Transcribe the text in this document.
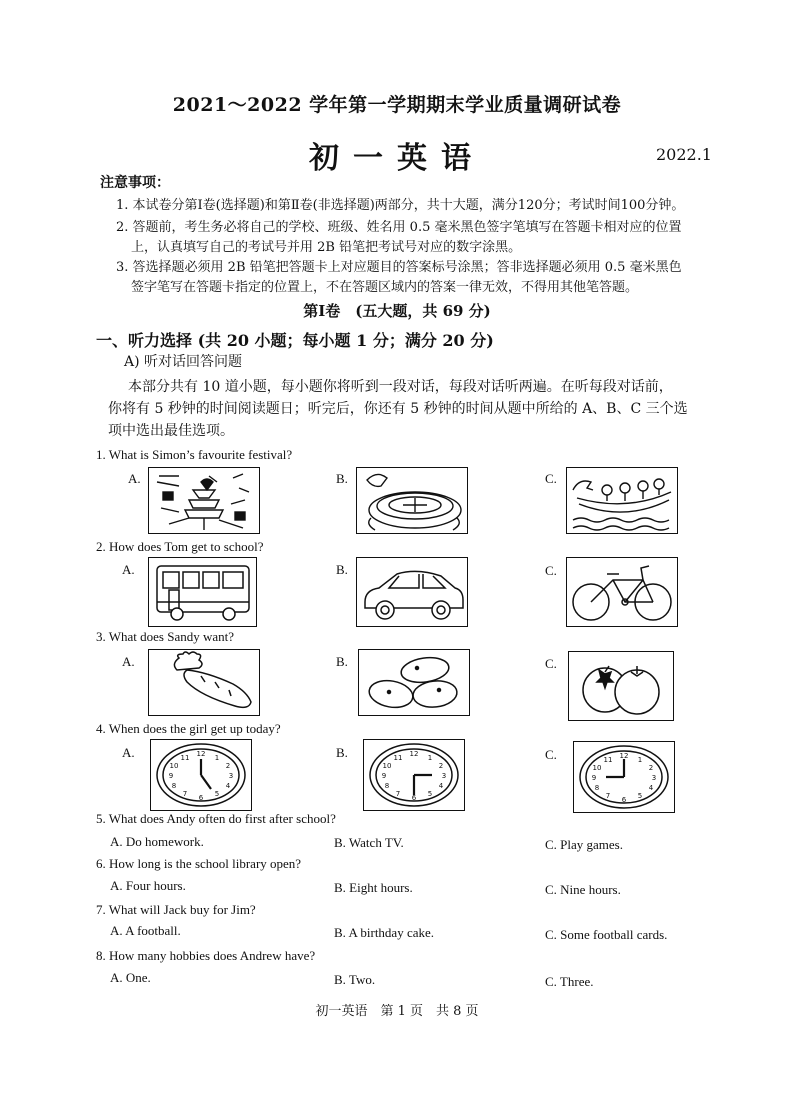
2021～2022 学年第一学期期末学业质量调研试卷
初一英语	2022.1
注意事项：
1. 本试卷分第Ⅰ卷(选择题)和第Ⅱ卷(非选择题)两部分，共十大题，满分120分；考试时间100分钟。
2. 答题前，考生务必将自己的学校、班级、姓名用 0.5 毫米黑色签字笔填写在答题卡相对应的位置
上，认真填写自己的考试号并用 2B 铅笔把考试号对应的数字涂黑。
3. 答选择题必须用 2B 铅笔把答题卡上对应题目的答案标号涂黑；答非选择题必须用 0.5 毫米黑色
签字笔写在答题卡指定的位置上，不在答题区域内的答案一律无效，不得用其他笔答题。
第Ⅰ卷　(五大题，共 69 分)
一、听力选择 (共 20 小题；每小题 1 分；满分 20 分)
A) 听对话回答问题
本部分共有 10 道小题，每小题你将听到一段对话，每段对话听两遍。在听每段对话前，
你将有 5 秒钟的时间阅读题日；听完后，你还有 5 秒钟的时间从题中所给的 A、B、C 三个选
项中选出最佳选项。
1. What is Simon’s favourite festival?
A.	B.	C.
2. How does Tom get to school?
A.	B.	C.
3. What does Sandy want?
A.	B.	C.
4. When does the girl get up today?
A.	B.	C.
12 1
2
3
4
5
6
7
8
9
10
11	12 1
2
3
4
5
6
7
8
9
10
11	12 1
2
3
4
5
6
7
8
9
10
11
5. What does Andy often do first after school?
A. Do homework.	B. Watch TV.	C. Play games.
6. How long is the school library open?
A. Four hours.	B. Eight hours.	C. Nine hours.
7. What will Jack buy for Jim?
A. A football.	B. A birthday cake.	C. Some football cards.
8. How many hobbies does Andrew have?
A. One.	B. Two.	C. Three.
初一英语　第 1 页　共 8 页
